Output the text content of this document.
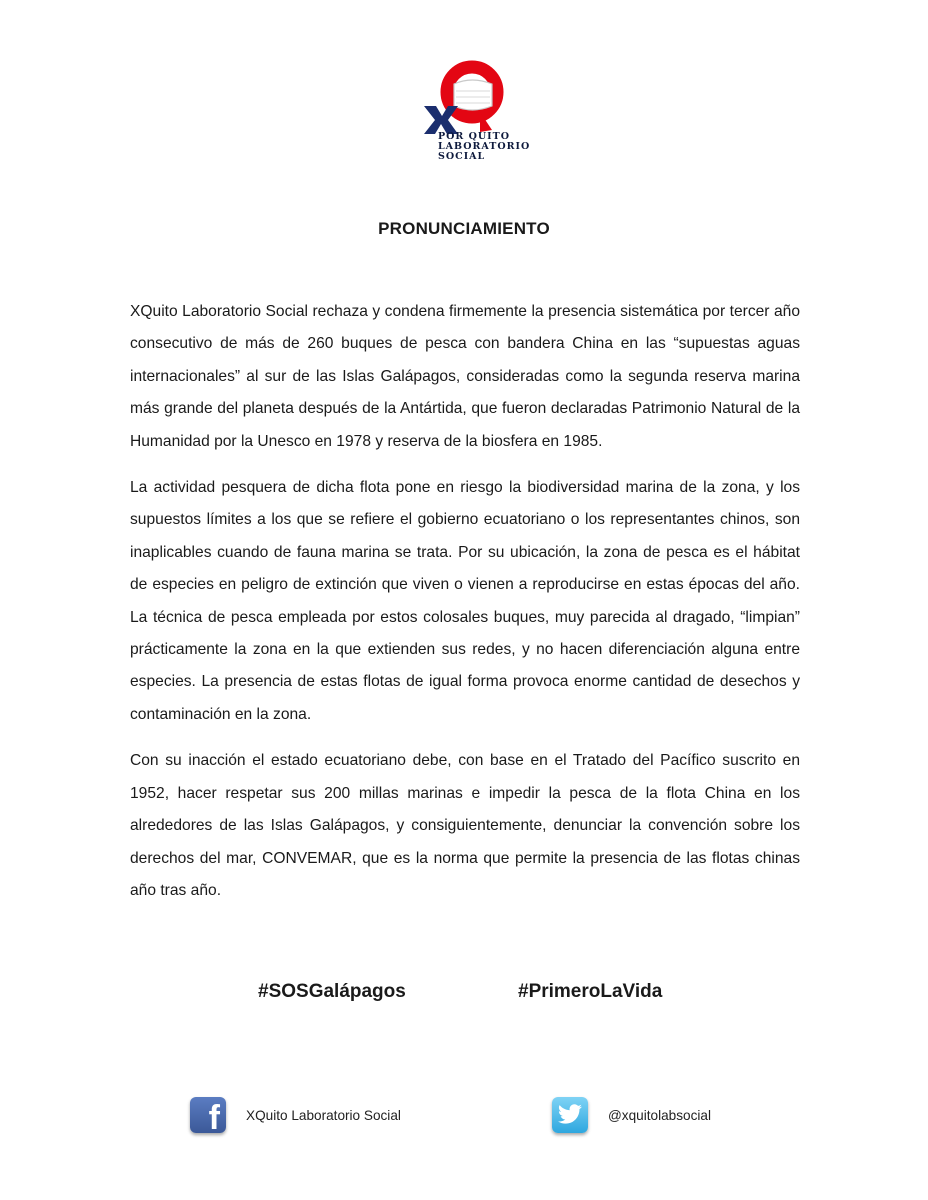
POR QUITO
LABORATORIO
SOCIAL
PRONUNCIAMIENTO

XQuito Laboratorio Social rechaza y condena firmemente la presencia sistemática por tercer año consecutivo de más de 260 buques de pesca con bandera China en las “supuestas aguas internacionales” al sur de las Islas Galápagos, consideradas como la segunda reserva marina más grande del planeta después de la Antártida, que fueron declaradas Patrimonio Natural de la Humanidad por la Unesco en 1978 y reserva de la biosfera en 1985.

La actividad pesquera de dicha flota pone en riesgo la biodiversidad marina de la zona, y los supuestos límites a los que se refiere el gobierno ecuatoriano o los representantes chinos, son inaplicables cuando de fauna marina se trata. Por su ubicación, la zona de pesca es el hábitat de especies en peligro de extinción que viven o vienen a reproducirse en estas épocas del año. La técnica de pesca empleada por estos colosales buques, muy parecida al dragado, “limpian” prácticamente la zona en la que extienden sus redes, y no hacen diferenciación alguna entre especies. La presencia de estas flotas de igual forma provoca enorme cantidad de desechos y contaminación en la zona.

Con su inacción el estado ecuatoriano debe, con base en el Tratado del Pacífico suscrito en 1952, hacer respetar sus 200 millas marinas e impedir la pesca de la flota China en los alrededores de las Islas Galápagos, y consiguientemente, denunciar la convención sobre los derechos del mar, CONVEMAR, que es la norma que permite la presencia de las flotas chinas año tras año.

#SOSGalápagos	#PrimeroLaVida
f XQuito Laboratorio Social	@xquitolabsocial
